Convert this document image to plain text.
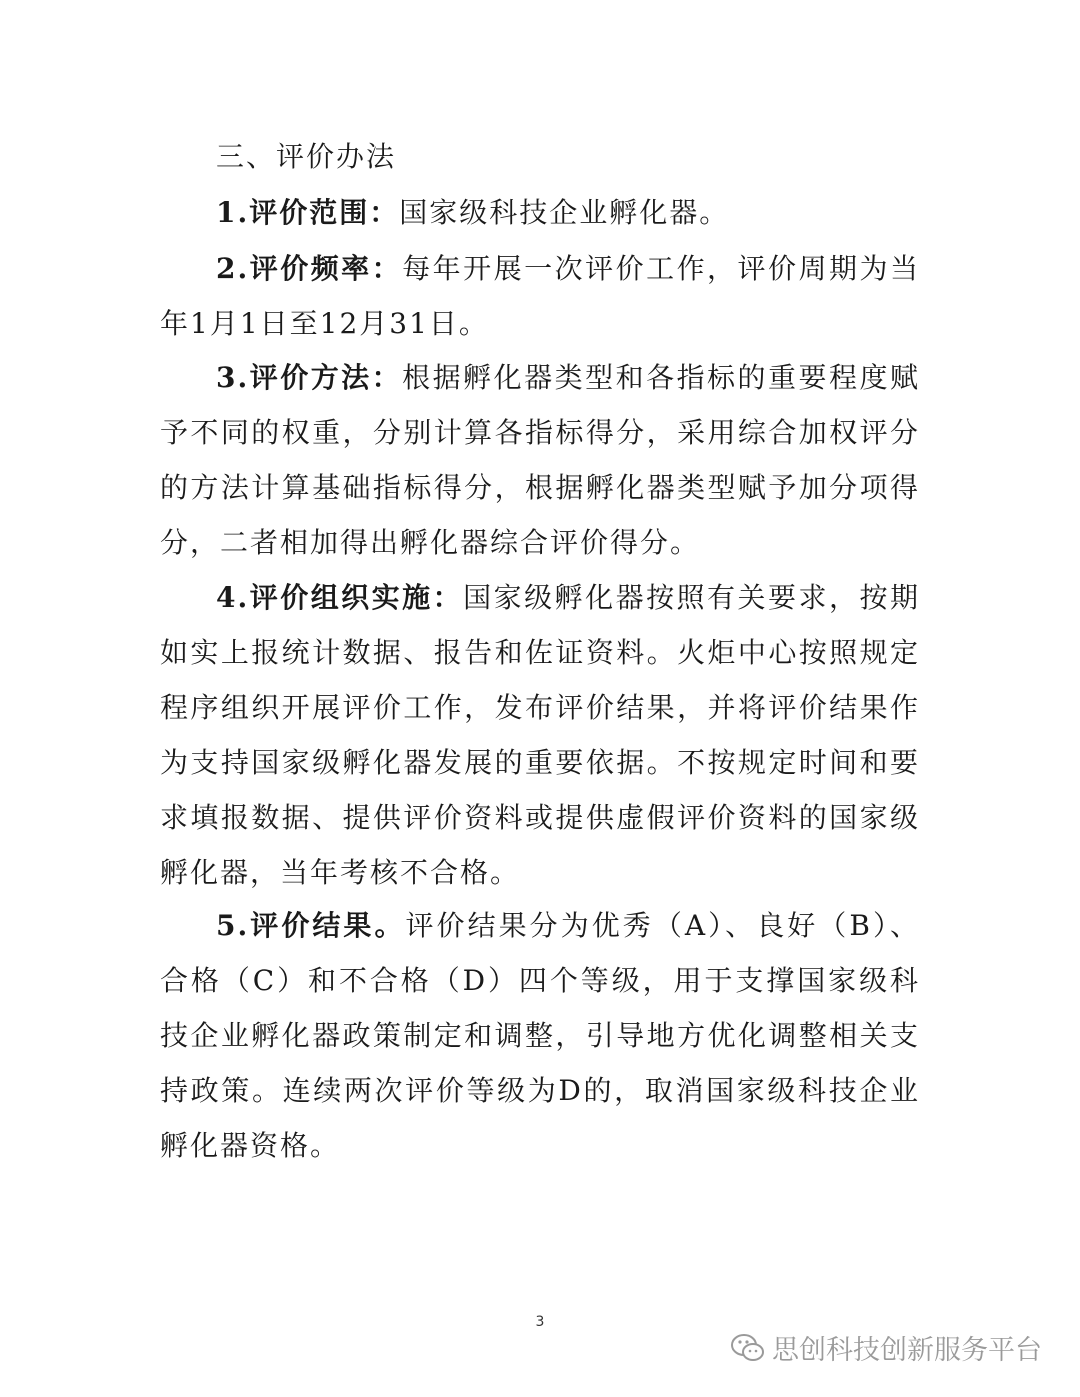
三、评价办法

1.评价范围：国家级科技企业孵化器。

2.评价频率：每年开展一次评价工作，评价周期为当年1月1日至12月31日。

3.评价方法：根据孵化器类型和各指标的重要程度赋予不同的权重，分别计算各指标得分，采用综合加权评分的方法计算基础指标得分，根据孵化器类型赋予加分项得分，二者相加得出孵化器综合评价得分。

4.评价组织实施：国家级孵化器按照有关要求，按期如实上报统计数据、报告和佐证资料。火炬中心按照规定程序组织开展评价工作，发布评价结果，并将评价结果作为支持国家级孵化器发展的重要依据。不按规定时间和要求填报数据、提供评价资料或提供虚假评价资料的国家级孵化器，当年考核不合格。

5.评价结果。评价结果分为优秀（A）、良好（B）、合格（C）和不合格（D）四个等级，用于支撑国家级科技企业孵化器政策制定和调整，引导地方优化调整相关支持政策。连续两次评价等级为D的，取消国家级科技企业孵化器资格。

3
思创科技创新服务平台
